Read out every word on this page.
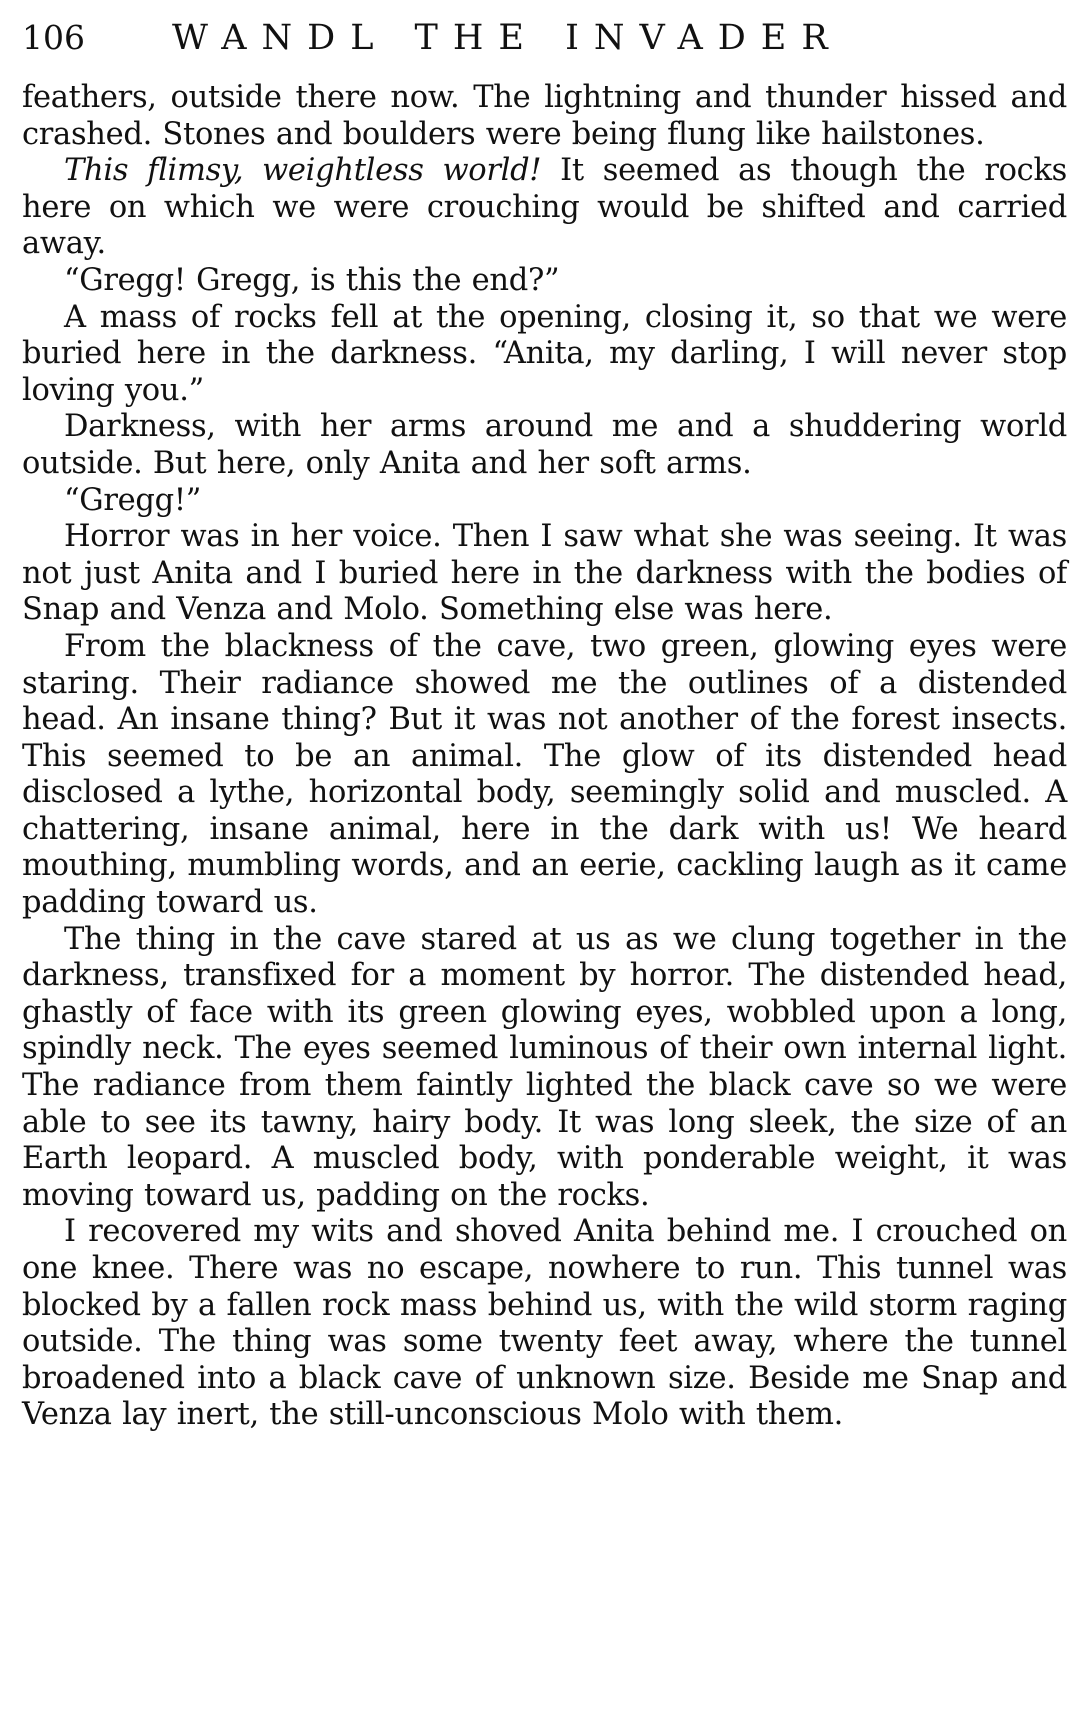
106	WANDL THE INVADER

feathers, outside there now. The lightning and thunder hissed and crashed. Stones and boulders were being flung like hailstones.

This flimsy, weightless world! It seemed as though the rocks here on which we were crouching would be shifted and carried away.

“Gregg! Gregg, is this the end?”

A mass of rocks fell at the opening, closing it, so that we were buried here in the darkness. “Anita, my darling, I will never stop loving you.”

Darkness, with her arms around me and a shuddering world outside. But here, only Anita and her soft arms.

“Gregg!”

Horror was in her voice. Then I saw what she was seeing. It was not just Anita and I buried here in the darkness with the bodies of Snap and Venza and Molo. Something else was here.

From the blackness of the cave, two green, glowing eyes were staring. Their radiance showed me the outlines of a distended head. An insane thing? But it was not another of the forest insects. This seemed to be an animal. The glow of its distended head disclosed a lythe, horizontal body, seemingly solid and muscled. A chattering, insane animal, here in the dark with us! We heard mouthing, mumbling words, and an eerie, cackling laugh as it came padding toward us.

The thing in the cave stared at us as we clung together in the darkness, transfixed for a moment by horror. The distended head, ghastly of face with its green glowing eyes, wobbled upon a long, spindly neck. The eyes seemed luminous of their own internal light. The radiance from them faintly lighted the black cave so we were able to see its tawny, hairy body. It was long sleek, the size of an Earth leopard. A muscled body, with ponderable weight, it was moving toward us, padding on the rocks.

I recovered my wits and shoved Anita behind me. I crouched on one knee. There was no escape, nowhere to run. This tunnel was blocked by a fallen rock mass behind us, with the wild storm raging outside. The thing was some twenty feet away, where the tunnel broadened into a black cave of unknown size. Beside me Snap and Venza lay inert, the still-unconscious Molo with them.
